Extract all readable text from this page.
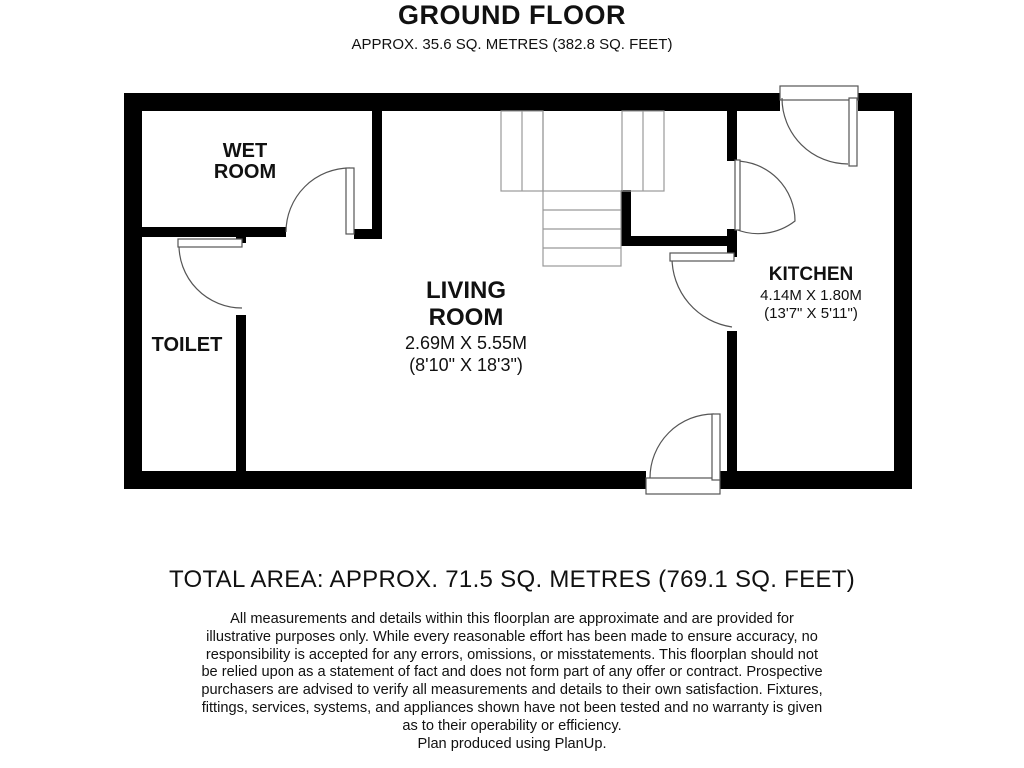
GROUND FLOOR
APPROX. 35.6 SQ. METRES (382.8 SQ. FEET)
WET
ROOM
TOILET
LIVING
ROOM
2.69M X 5.55M
(8'10" X 18'3")
KITCHEN
4.14M X 1.80M
(13'7" X 5'11")
TOTAL AREA: APPROX. 71.5 SQ. METRES (769.1 SQ. FEET)
All measurements and details within this floorplan are approximate and are provided for
illustrative purposes only. While every reasonable effort has been made to ensure accuracy, no
responsibility is accepted for any errors, omissions, or misstatements. This floorplan should not
be relied upon as a statement of fact and does not form part of any offer or contract. Prospective
purchasers are advised to verify all measurements and details to their own satisfaction. Fixtures,
fittings, services, systems, and appliances shown have not been tested and no warranty is given
as to their operability or efficiency.
Plan produced using PlanUp.
